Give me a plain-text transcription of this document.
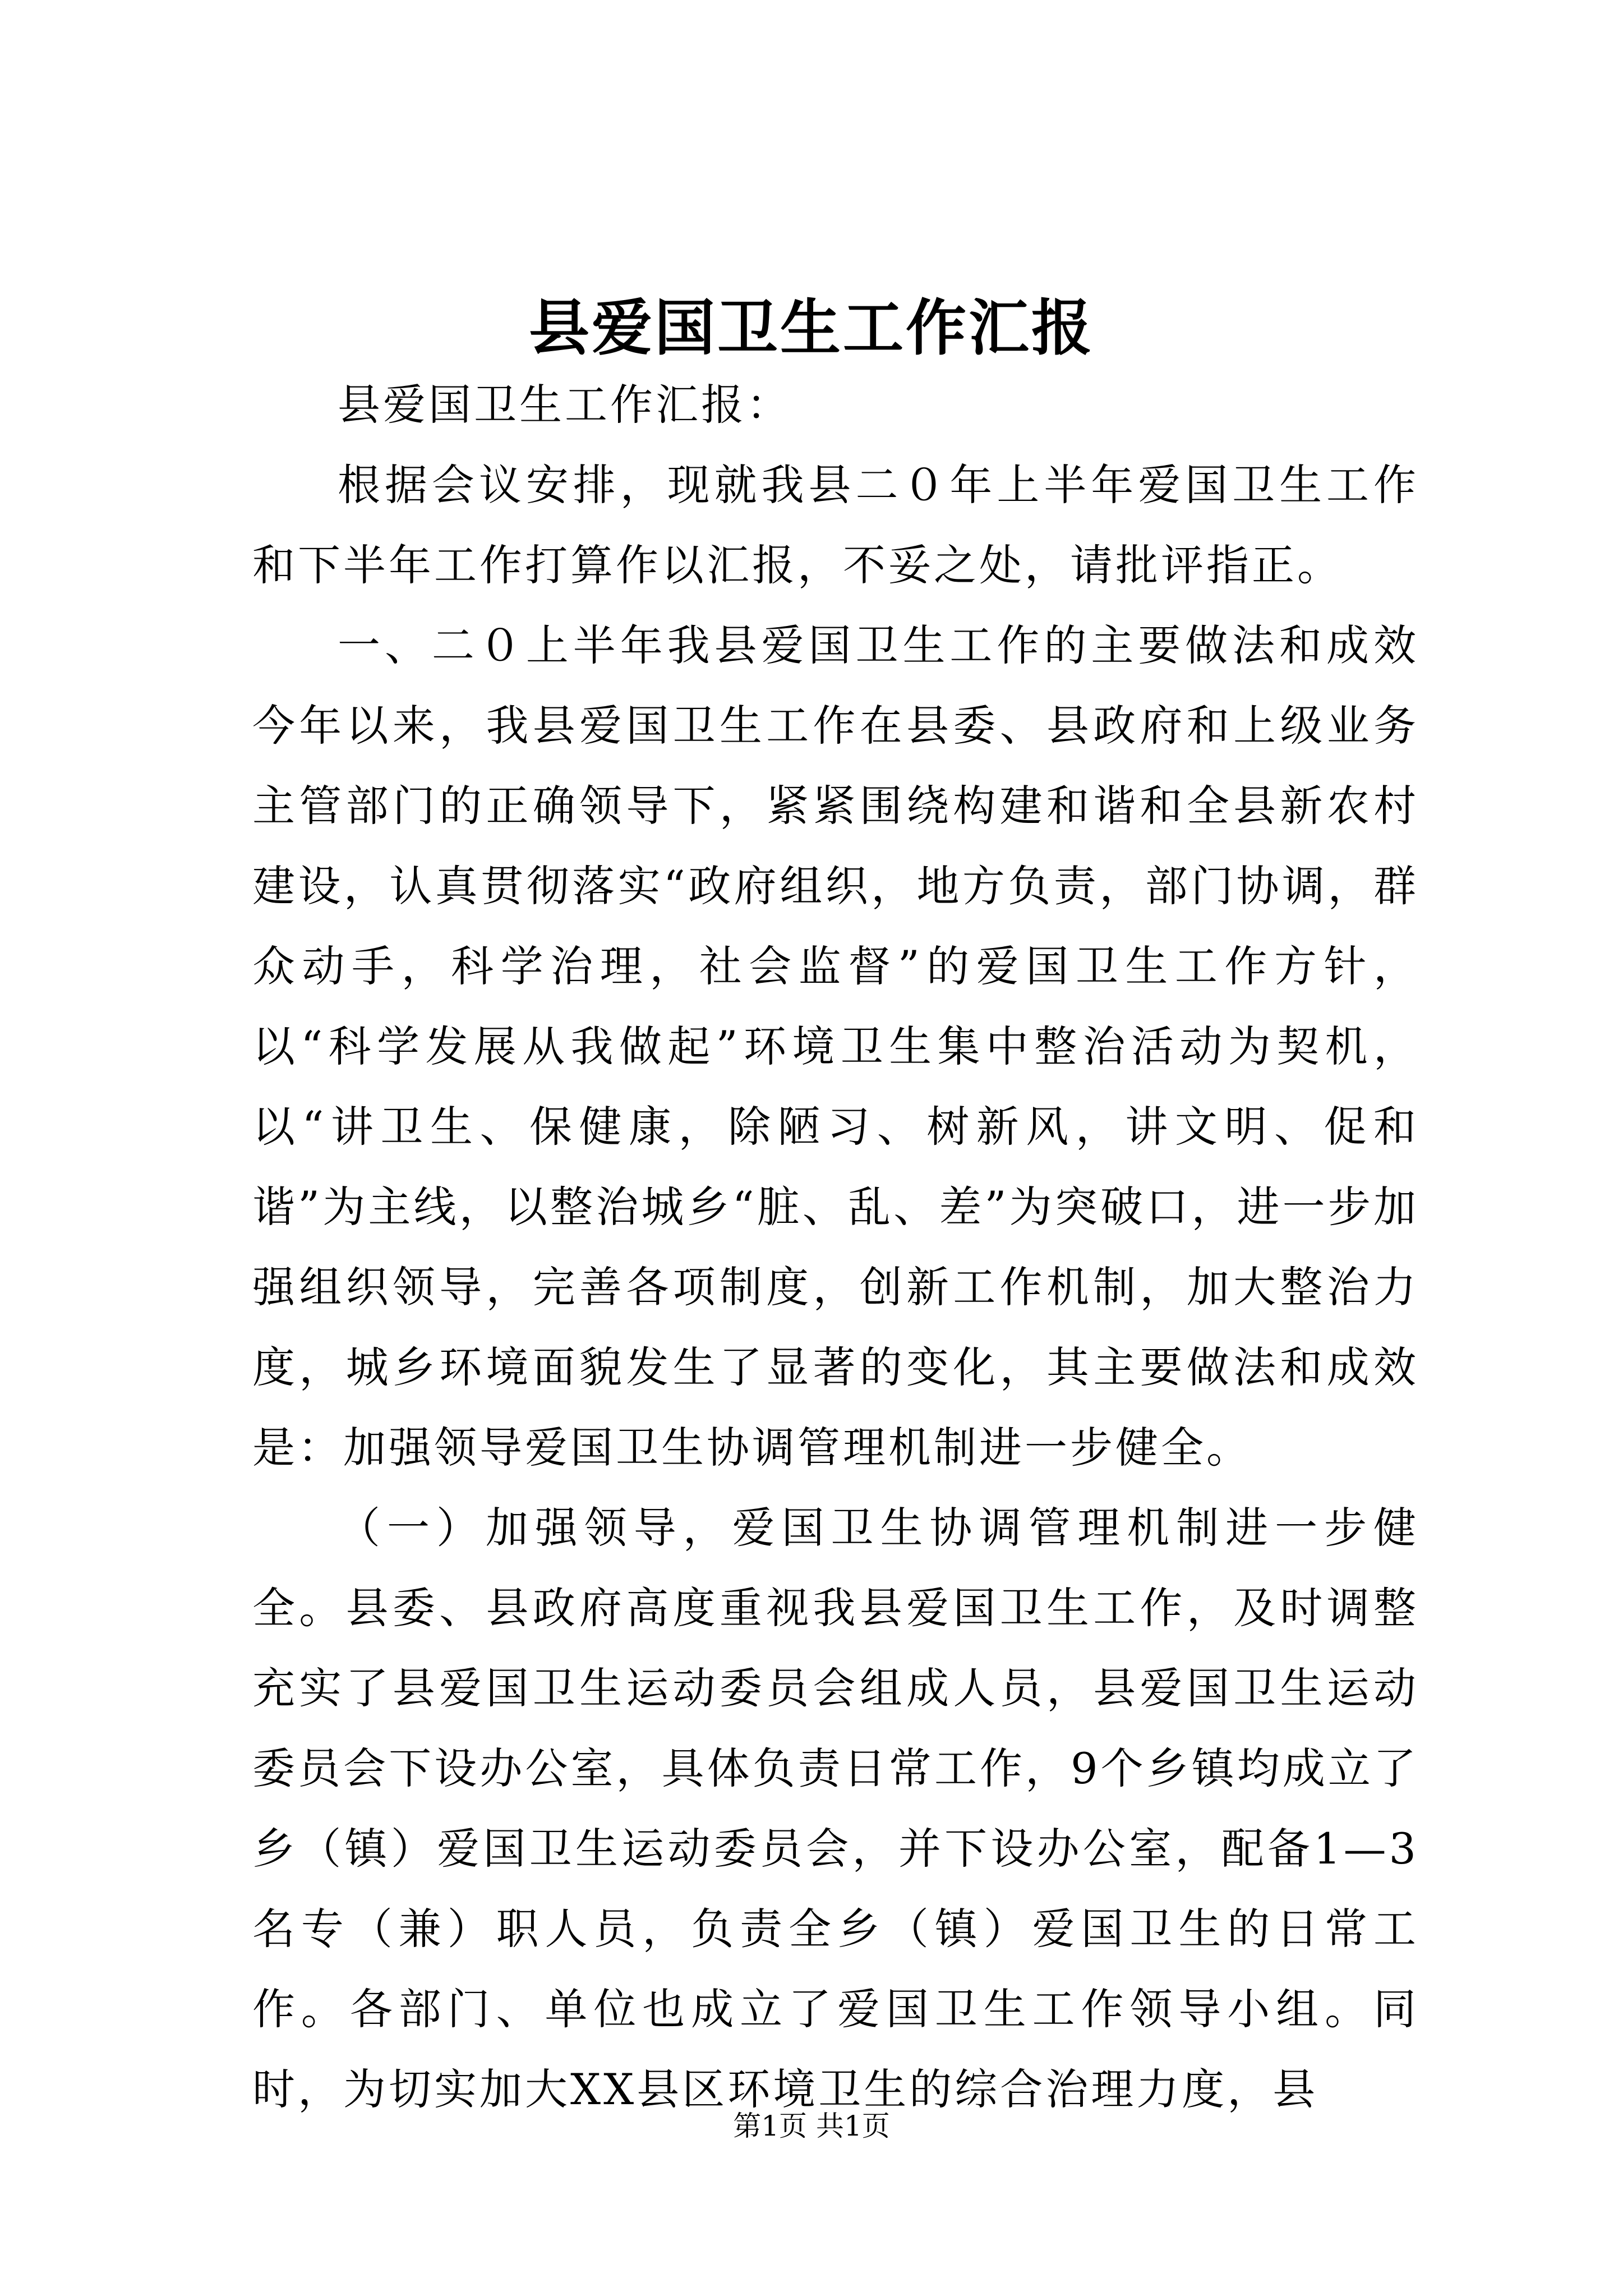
县爱国卫生工作汇报

县爱国卫生工作汇报：

根据会议安排，现就我县二０年上半年爱国卫生工作和下半年工作打算作以汇报，不妥之处，请批评指正。

一、二０上半年我县爱国卫生工作的主要做法和成效今年以来，我县爱国卫生工作在县委、县政府和上级业务主管部门的正确领导下，紧紧围绕构建和谐和全县新农村建设，认真贯彻落实“政府组织，地方负责，部门协调，群众动手，科学治理，社会监督”的爱国卫生工作方针，以“科学发展从我做起”环境卫生集中整治活动为契机，以“讲卫生、保健康，除陋习、树新风，讲文明、促和谐”为主线，以整治城乡“脏、乱、差”为突破口，进一步加强组织领导，完善各项制度，创新工作机制，加大整治力度，城乡环境面貌发生了显著的变化，其主要做法和成效是：加强领导爱国卫生协调管理机制进一步健全。

（一）加强领导，爱国卫生协调管理机制进一步健全。县委、县政府高度重视我县爱国卫生工作，及时调整充实了县爱国卫生运动委员会组成人员，县爱国卫生运动委员会下设办公室，具体负责日常工作，9个乡镇均成立了乡（镇）爱国卫生运动委员会，并下设办公室，配备1—3名专（兼）职人员，负责全乡（镇）爱国卫生的日常工作。各部门、单位也成立了爱国卫生工作领导小组。同时，为切实加大XX县区环境卫生的综合治理力度，县

第1页 共1页
